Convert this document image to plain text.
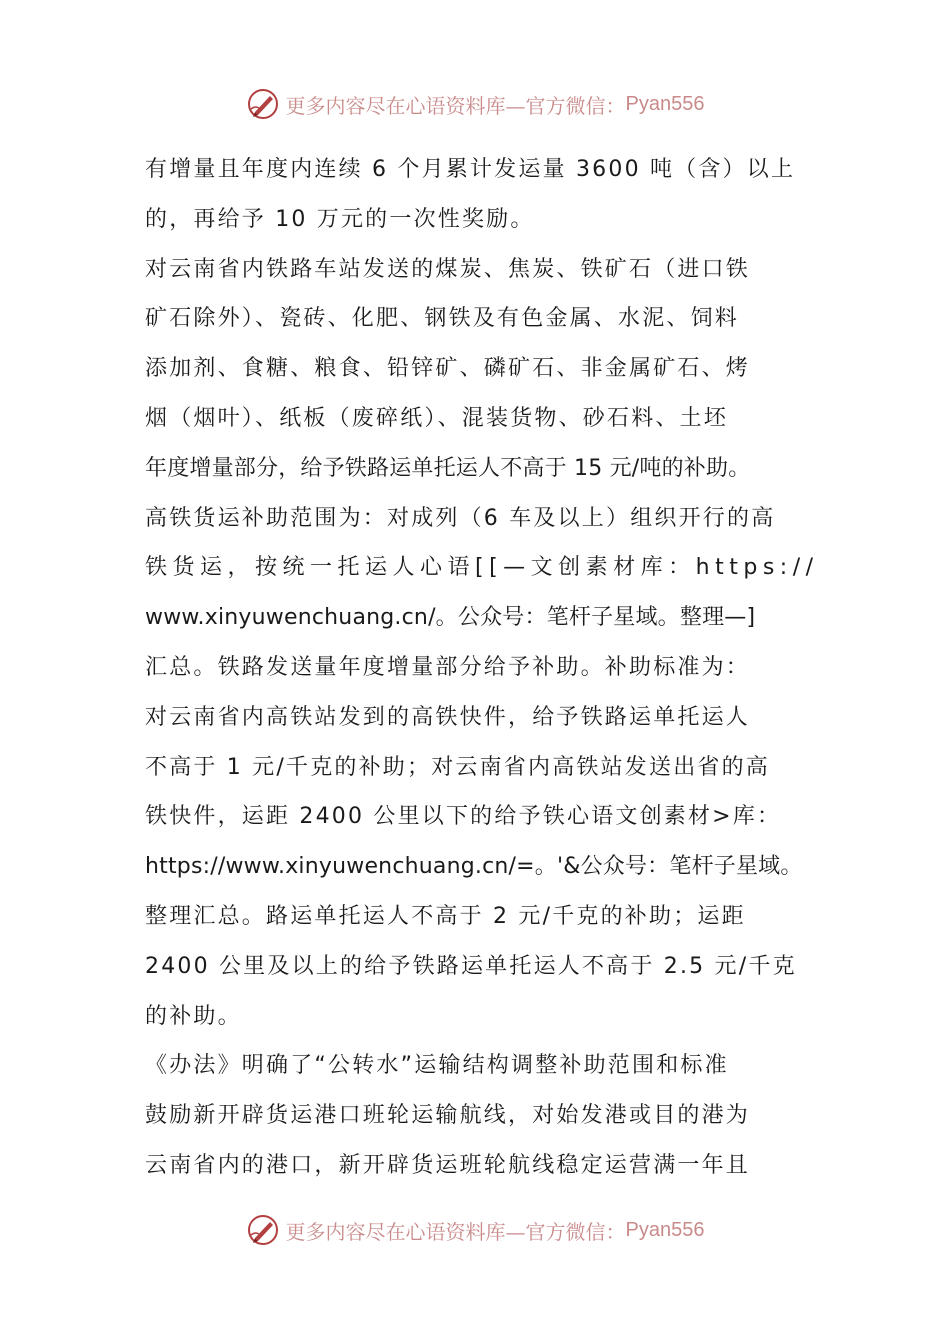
更多内容尽在心语资料库—官方微信： Pyan556
有增量且年度内连续 6 个月累计发运量 3600 吨（含）以上
的，再给予 10 万元的一次性奖励。
对云南省内铁路车站发送的煤炭、焦炭、铁矿石（进口铁
矿石除外）、瓷砖、化肥、钢铁及有色金属、水泥、饲料
添加剂、食糖、粮食、铅锌矿、磷矿石、非金属矿石、烤
烟（烟叶）、纸板（废碎纸）、混装货物、砂石料、土坯
年度增量部分，给予铁路运单托运人不高于 15 元/吨的补助。
高铁货运补助范围为：对成列（6 车及以上）组织开行的高
铁货运，按统一托运人心语[[—文创素材库：https://
www.xinyuwenchuang.cn/。公众号：笔杆子星域。整理—]
汇总。铁路发送量年度增量部分给予补助。补助标准为：
对云南省内高铁站发到的高铁快件，给予铁路运单托运人
不高于 1 元/千克的补助；对云南省内高铁站发送出省的高
铁快件，运距 2400 公里以下的给予铁心语文创素材>库：
https://www.xinyuwenchuang.cn/=。'&公众号：笔杆子星域。
整理汇总。路运单托运人不高于 2 元/千克的补助；运距
2400 公里及以上的给予铁路运单托运人不高于 2.5 元/千克
的补助。
《办法》明确了“公转水”运输结构调整补助范围和标准
鼓励新开辟货运港口班轮运输航线，对始发港或目的港为
云南省内的港口，新开辟货运班轮航线稳定运营满一年且
更多内容尽在心语资料库—官方微信： Pyan556
